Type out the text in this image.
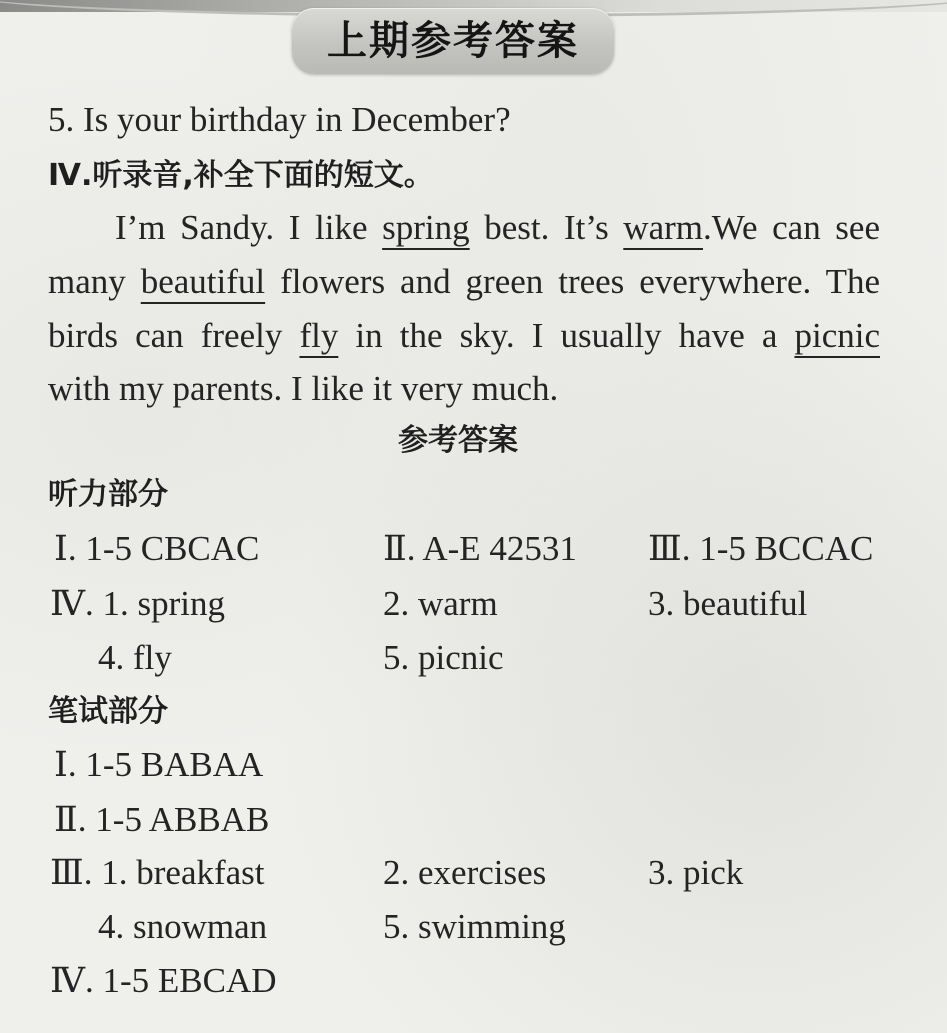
上期参考答案
5. Is your birthday in December?
Ⅳ.听录音,补全下面的短文。
I’m Sandy. I like spring best. It’s warm.We can see
many beautiful flowers and green trees everywhere. The
birds can freely fly in the sky. I usually have a picnic
with my parents. I like it very much.
参考答案
听力部分
Ⅰ. 1-5 CBCAC	Ⅱ. A-E 42531 Ⅲ. 1-5 BCCAC
Ⅳ. 1. spring	2. warm	3. beautiful
4. fly	5. picnic
笔试部分
Ⅰ. 1-5 BABAA
Ⅱ. 1-5 ABBAB
Ⅲ. 1. breakfast	2. exercises	3. pick
4. snowman	5. swimming
Ⅳ. 1-5 EBCAD
